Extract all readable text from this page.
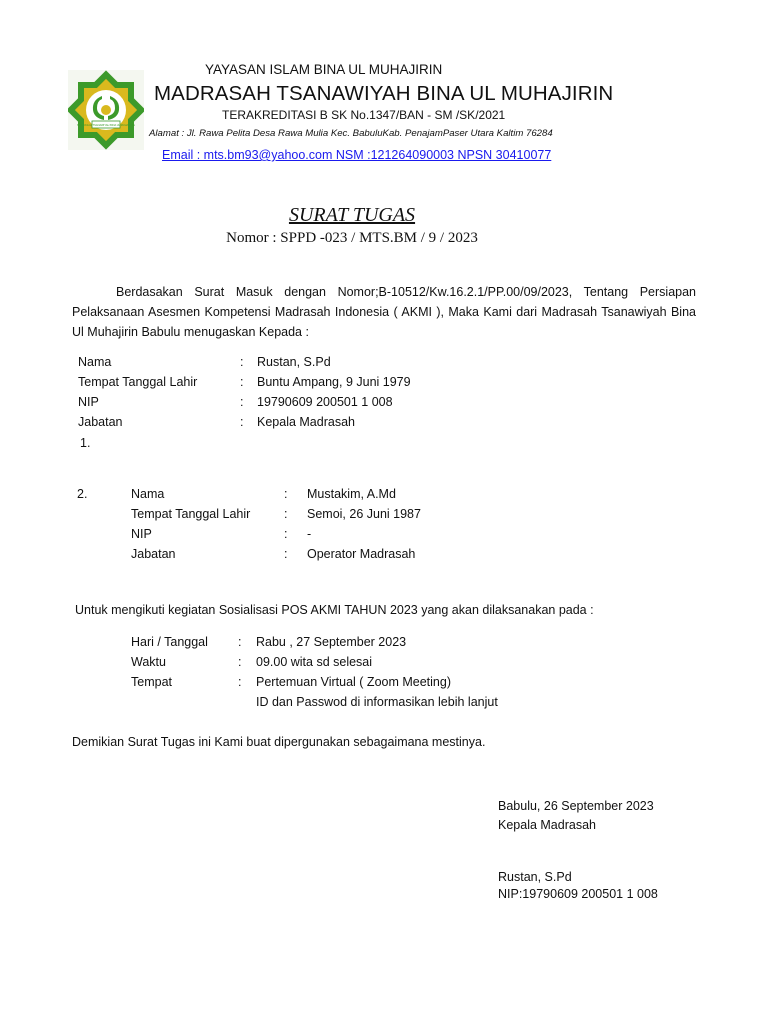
MADRASAH TSANAWIYAH BINA UL MUHAJIRIN
YAYASAN ISLAM BINA UL MUHAJIRIN
MADRASAH TSANAWIYAH BINA UL MUHAJIRIN
TERAKREDITASI B SK No.1347/BAN - SM /SK/2021
Alamat : Jl. Rawa Pelita Desa Rawa Mulia Kec. BabuluKab. PenajamPaser Utara Kaltim 76284
Email : mts.bm93@yahoo.com NSM :121264090003 NPSN 30410077
SURAT TUGAS
Nomor : SPPD -023 / MTS.BM / 9 / 2023
Berdasakan Surat Masuk dengan Nomor;B-10512/Kw.16.2.1/PP.00/09/2023, Tentang Persiapan Pelaksanaan Asesmen Kompetensi Madrasah Indonesia ( AKMI ), Maka Kami dari Madrasah Tsanawiyah Bina Ul Muhajirin Babulu menugaskan Kepada :
Nama	: Rustan, S.Pd
Tempat Tanggal Lahir	: Buntu Ampang, 9 Juni 1979
NIP	: 19790609 200501 1 008
Jabatan	: Kepala Madrasah
1.
2.	Nama	: Mustakim, A.Md
Tempat Tanggal Lahir	: Semoi, 26 Juni 1987
NIP	: -
Jabatan	: Operator Madrasah
Untuk mengikuti kegiatan Sosialisasi POS AKMI TAHUN 2023 yang akan dilaksanakan pada :
Hari / Tanggal : Rabu , 27 September 2023
Waktu	: 09.00 wita sd selesai
Tempat	: Pertemuan Virtual ( Zoom Meeting)
ID dan Passwod di informasikan lebih lanjut
Demikian Surat Tugas ini Kami buat dipergunakan sebagaimana mestinya.
Babulu, 26 September 2023
Kepala Madrasah
Rustan, S.Pd
NIP:19790609 200501 1 008
